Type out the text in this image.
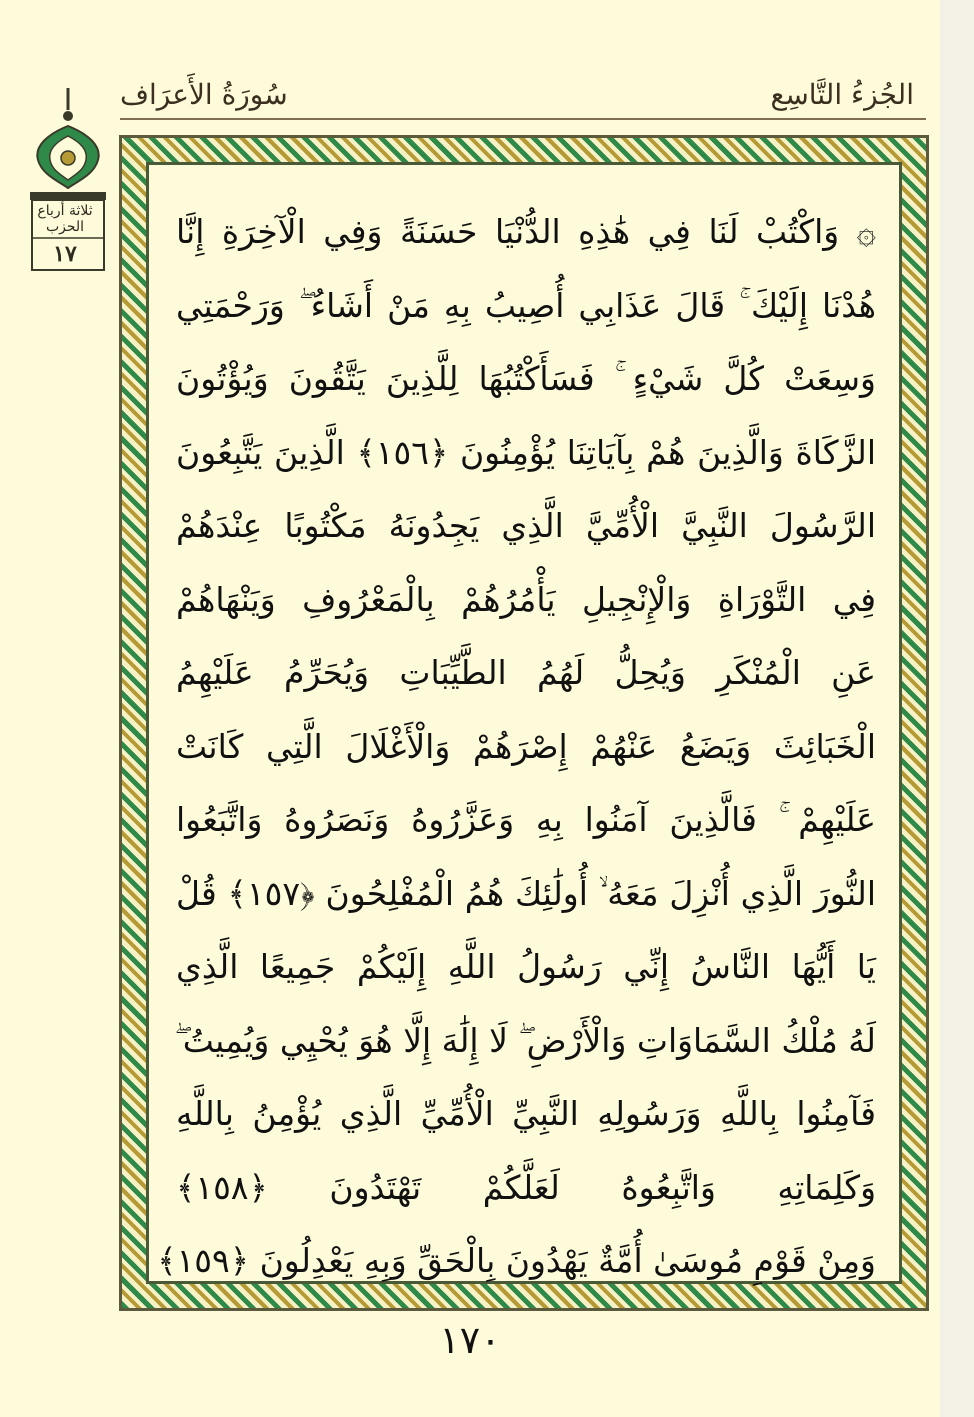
الجُزءُ التَّاسِع
سُورَةُ الأَعرَاف
ثلاثة أرباع الحزب
١٧
۞ وَاكْتُبْ لَنَا فِي هَٰذِهِ الدُّنْيَا حَسَنَةً وَفِي الْآخِرَةِ إِنَّا
هُدْنَا إِلَيْكَ ۚ قَالَ عَذَابِي أُصِيبُ بِهِ مَنْ أَشَاءُ ۖ وَرَحْمَتِي
وَسِعَتْ كُلَّ شَيْءٍ ۚ فَسَأَكْتُبُهَا لِلَّذِينَ يَتَّقُونَ وَيُؤْتُونَ
الزَّكَاةَ وَالَّذِينَ هُمْ بِآيَاتِنَا يُؤْمِنُونَ ﴿١٥٦﴾ الَّذِينَ يَتَّبِعُونَ
الرَّسُولَ النَّبِيَّ الْأُمِّيَّ الَّذِي يَجِدُونَهُ مَكْتُوبًا عِنْدَهُمْ
فِي التَّوْرَاةِ وَالْإِنْجِيلِ يَأْمُرُهُمْ بِالْمَعْرُوفِ وَيَنْهَاهُمْ
عَنِ الْمُنْكَرِ وَيُحِلُّ لَهُمُ الطَّيِّبَاتِ وَيُحَرِّمُ عَلَيْهِمُ
الْخَبَائِثَ وَيَضَعُ عَنْهُمْ إِصْرَهُمْ وَالْأَغْلَالَ الَّتِي كَانَتْ
عَلَيْهِمْ ۚ فَالَّذِينَ آمَنُوا بِهِ وَعَزَّرُوهُ وَنَصَرُوهُ وَاتَّبَعُوا
النُّورَ الَّذِي أُنْزِلَ مَعَهُ ۙ أُولَٰئِكَ هُمُ الْمُفْلِحُونَ ﴿١٥٧﴾ قُلْ
يَا أَيُّهَا النَّاسُ إِنِّي رَسُولُ اللَّهِ إِلَيْكُمْ جَمِيعًا الَّذِي
لَهُ مُلْكُ السَّمَاوَاتِ وَالْأَرْضِ ۖ لَا إِلَٰهَ إِلَّا هُوَ يُحْيِي وَيُمِيتُ ۖ
فَآمِنُوا بِاللَّهِ وَرَسُولِهِ النَّبِيِّ الْأُمِّيِّ الَّذِي يُؤْمِنُ بِاللَّهِ
وَكَلِمَاتِهِ وَاتَّبِعُوهُ لَعَلَّكُمْ تَهْتَدُونَ ﴿١٥٨﴾
وَمِنْ قَوْمِ مُوسَىٰ أُمَّةٌ يَهْدُونَ بِالْحَقِّ وَبِهِ يَعْدِلُونَ ﴿١٥٩﴾
١٧٠
